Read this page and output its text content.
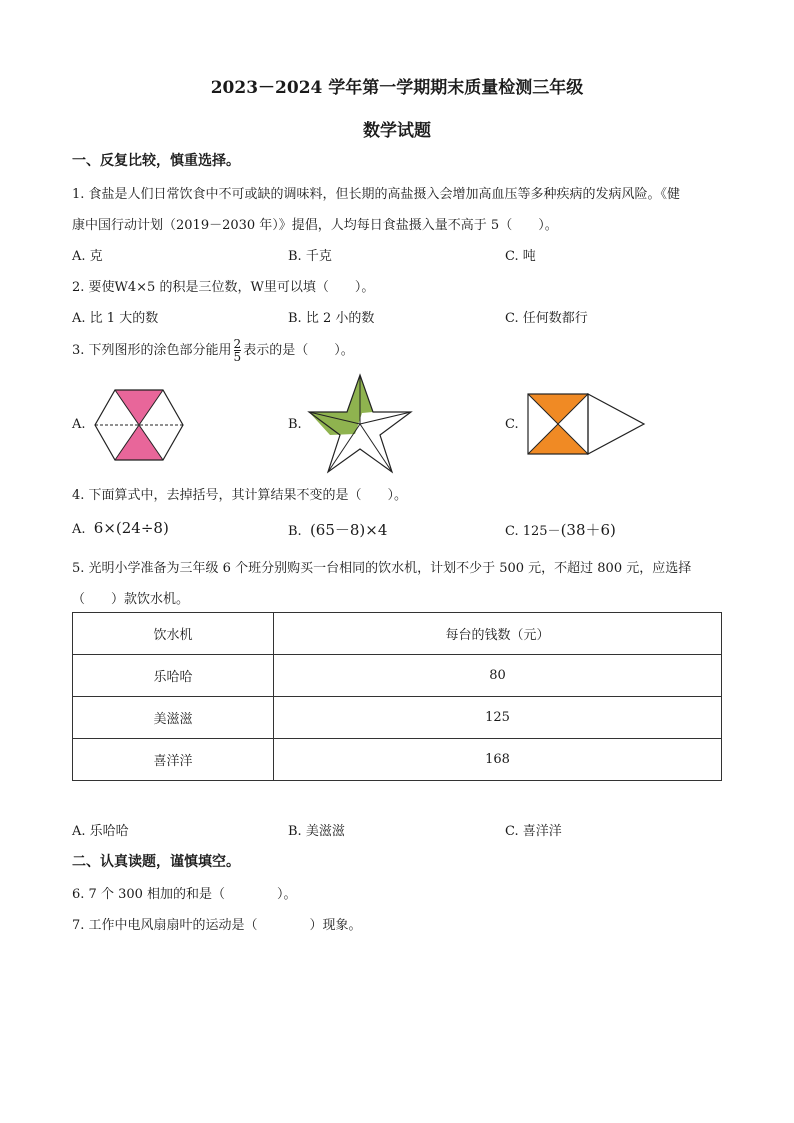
2023－2024 学年第一学期期末质量检测三年级
数学试题
一、反复比较，慎重选择。
1. 食盐是人们日常饮食中不可或缺的调味料，但长期的高盐摄入会增加高血压等多种疾病的发病风险。《健
康中国行动计划（2019－2030 年）》提倡，人均每日食盐摄入量不高于 5（　　）。
A. 克	B. 千克	C. 吨
2. 要使W4×5 的积是三位数，W里可以填（　　）。
A. 比 1 大的数	B. 比 2 小的数	C. 任何数都行
3. 下列图形的涂色部分能用 $\frac{2}{5}$ 表示的是（　　）。
A.	B.	C.
4. 下面算式中，去掉括号，其计算结果不变的是（　　）。
A. 6×(24÷8)	B. (65－8)×4	C. 125－(38＋6)
5. 光明小学准备为三年级 6 个班分别购买一台相同的饮水机，计划不少于 500 元，不超过 800 元，应选择
（　　）款饮水机。
饮水机	每台的钱数（元）
乐哈哈	80
美滋滋	125
喜洋洋	168
A. 乐哈哈	B. 美滋滋	C. 喜洋洋
二、认真读题，谨慎填空。
6. 7 个 300 相加的和是（　　　　）。
7. 工作中电风扇扇叶的运动是（　　　　）现象。
